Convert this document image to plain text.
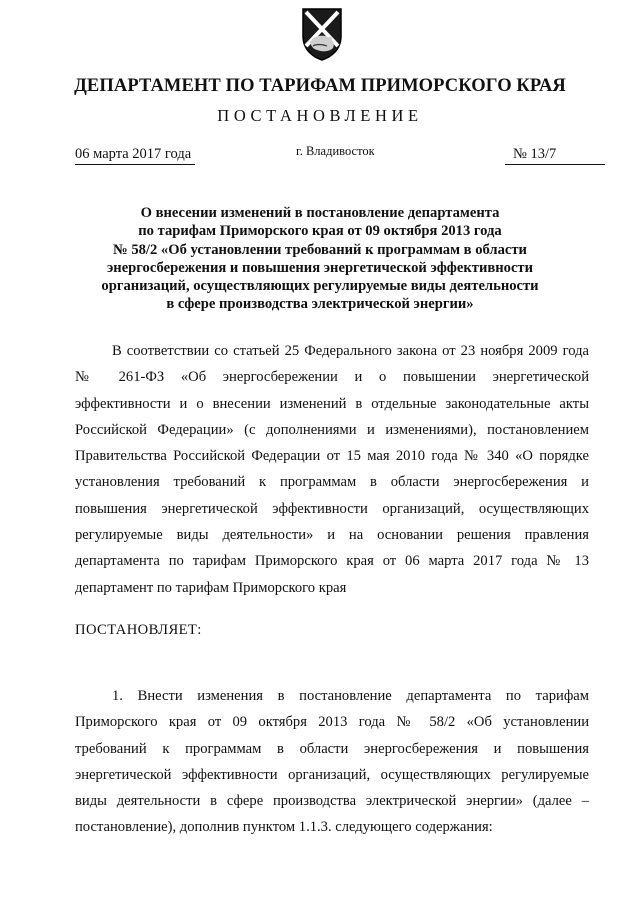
ДЕПАРТАМЕНТ ПО ТАРИФАМ ПРИМОРСКОГО КРАЯ
ПОСТАНОВЛЕНИЕ
06 марта 2017 года	г. Владивосток	№ 13/7
О внесении изменений в постановление департамента
по тарифам Приморского края от 09 октября 2013 года
№ 58/2 «Об установлении требований к программам в области
энергосбережения и повышения энергетической эффективности
организаций, осуществляющих регулируемые виды деятельности
в сфере производства электрической энергии»
В соответствии со статьей 25 Федерального закона от 23 ноября 2009 года
№ 261-ФЗ «Об энергосбережении и о повышении энергетической
эффективности и о внесении изменений в отдельные законодательные акты
Российской Федерации» (с дополнениями и изменениями), постановлением
Правительства Российской Федерации от 15 мая 2010 года № 340 «О порядке
установления требований к программам в области энергосбережения и
повышения энергетической эффективности организаций, осуществляющих
регулируемые виды деятельности» и на основании решения правления
департамента по тарифам Приморского края от 06 марта 2017 года № 13
департамент по тарифам Приморского края
ПОСТАНОВЛЯЕТ:
1. Внести изменения в постановление департамента по тарифам
Приморского края от 09 октября 2013 года № 58/2 «Об установлении
требований к программам в области энергосбережения и повышения
энергетической эффективности организаций, осуществляющих регулируемые
виды деятельности в сфере производства электрической энергии» (далее –
постановление), дополнив пунктом 1.1.3. следующего содержания:
